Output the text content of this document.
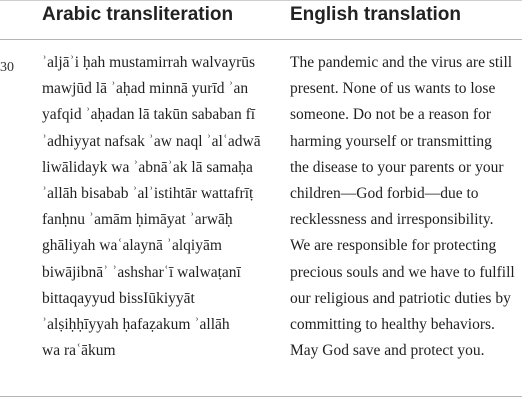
Arabic transliteration	English translation
30 ʾaljāʾi ḥah mustamirrah walvayrūs
mawjūd lā ʾaḥad minnā yurīd ʾan
yafqid ʾaḥadan lā takūn sababan fī
ʾadhiyyat nafsak ʾaw naql ʾalʿadwā
liwālidayk wa ʾabnāʾak lā samaḥa
ʾallāh bisabab ʾalʾistihtār wattafrīṭ
fanḥnu ʾamām ḥimāyat ʾarwāḥ
ghāliyah waʿalaynā ʾalqiyām
biwājibnāʾ ʾashsharʿī walwaṭanī
bittaqayyud bissIūkiyyāt
ʾalṣiḥḥīyyah ḥafaẓakum ʾallāh
wa raʿākum
The pandemic and the virus are still
present. None of us wants to lose
someone. Do not be a reason for
harming yourself or transmitting
the disease to your parents or your
children—God forbid—due to
recklessness and irresponsibility.
We are responsible for protecting
precious souls and we have to fulfill
our religious and patriotic duties by
committing to healthy behaviors.
May God save and protect you.
